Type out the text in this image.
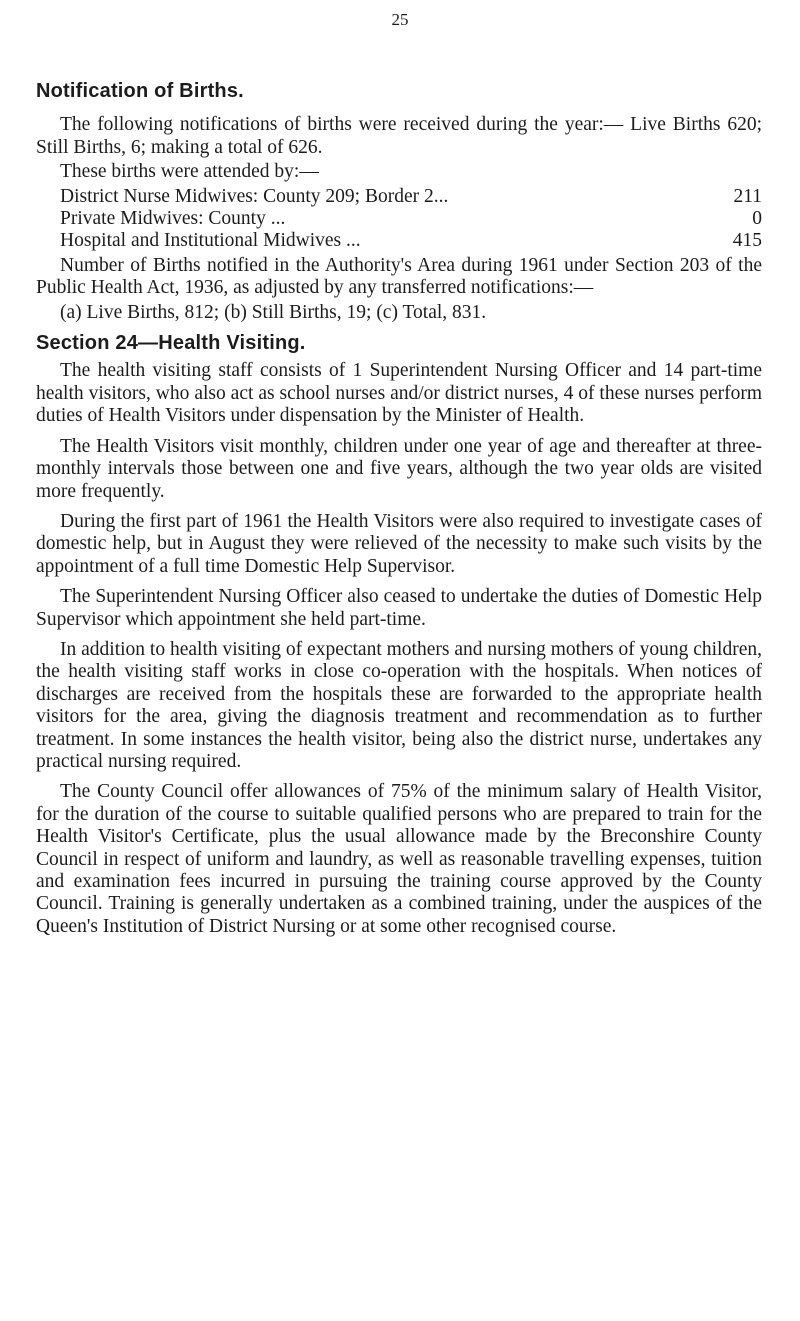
25
Notification of Births.

The following notifications of births were received during the year:— Live Births 620; Still Births, 6; making a total of 626.

These births were attended by:—

District Nurse Midwives: County 209; Border 2...	211
Private Midwives: County ...	0
Hospital and Institutional Midwives ...	415

Number of Births notified in the Authority's Area during 1961 under Section 203 of the Public Health Act, 1936, as adjusted by any transferred notifications:—

(a) Live Births, 812; (b) Still Births, 19; (c) Total, 831.

Section 24—Health Visiting.

The health visiting staff consists of 1 Superintendent Nursing Officer and 14 part-time health visitors, who also act as school nurses and/or district nurses, 4 of these nurses perform duties of Health Visitors under dispensation by the Minister of Health.

The Health Visitors visit monthly, children under one year of age and thereafter at three-monthly intervals those between one and five years, although the two year olds are visited more frequently.

During the first part of 1961 the Health Visitors were also required to investigate cases of domestic help, but in August they were relieved of the necessity to make such visits by the appointment of a full time Domestic Help Supervisor.

The Superintendent Nursing Officer also ceased to undertake the duties of Domestic Help Supervisor which appointment she held part-time.

In addition to health visiting of expectant mothers and nursing mothers of young children, the health visiting staff works in close co-operation with the hospitals. When notices of discharges are received from the hospitals these are forwarded to the appropriate health visitors for the area, giving the diagnosis treatment and recommendation as to further treatment. In some instances the health visitor, being also the district nurse, undertakes any practical nursing required.

The County Council offer allowances of 75% of the minimum salary of Health Visitor, for the duration of the course to suitable qualified persons who are prepared to train for the Health Visitor's Certificate, plus the usual allowance made by the Breconshire County Council in respect of uniform and laundry, as well as reasonable travelling expenses, tuition and examination fees incurred in pursuing the training course approved by the County Council. Training is generally undertaken as a combined training, under the auspices of the Queen's Institution of District Nursing or at some other recognised course.
